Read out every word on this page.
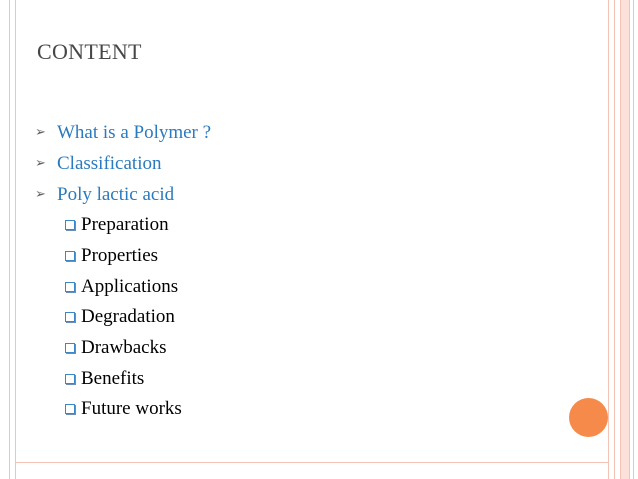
CONTENT
➢ What is a Polymer ?
➢ Classification
➢ Poly lactic acid
Preparation
Properties
Applications
Degradation
Drawbacks
Benefits
Future works
